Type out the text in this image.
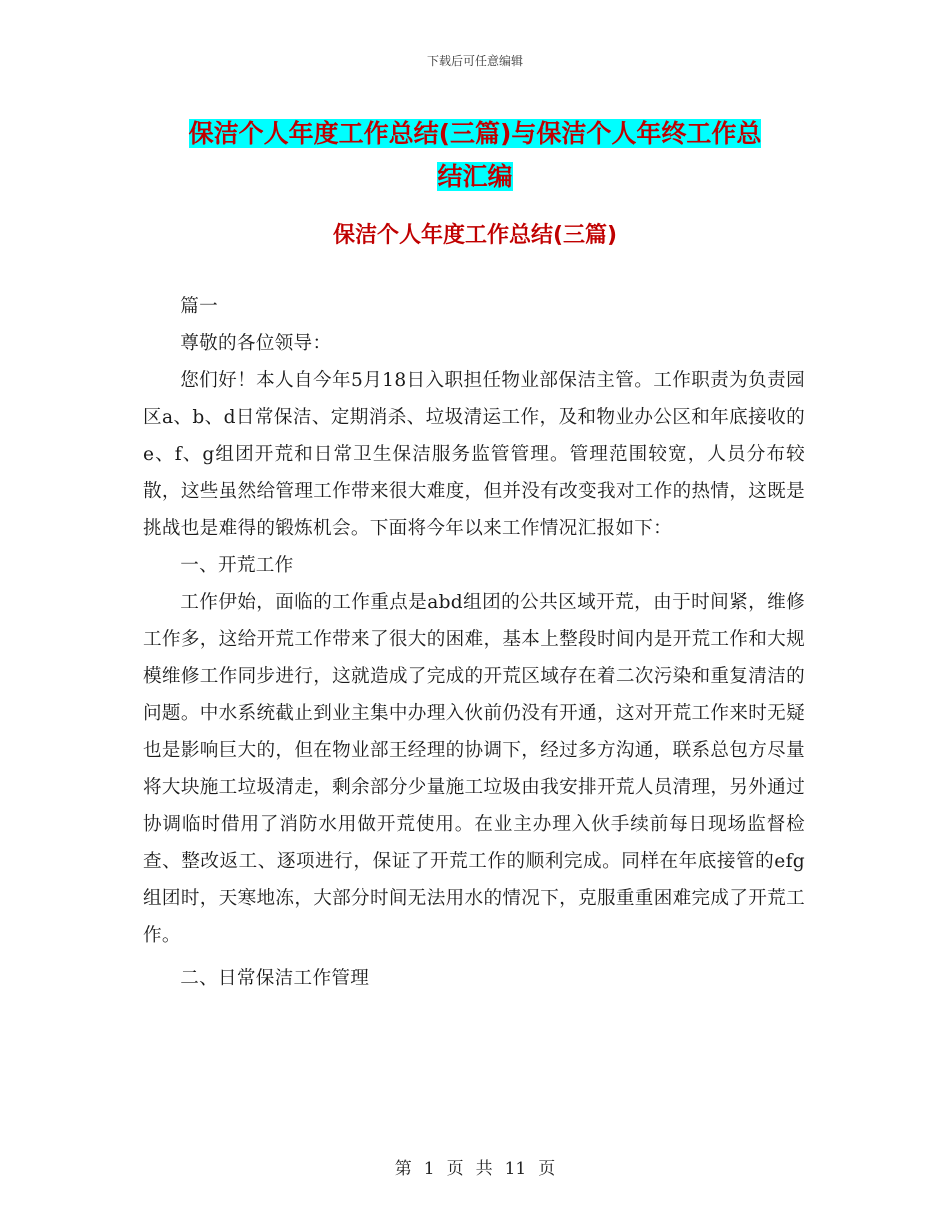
下载后可任意编辑
保洁个人年度工作总结(三篇)与保洁个人年终工作总
结汇编
保洁个人年度工作总结(三篇)

篇一

尊敬的各位领导：

您们好！本人自今年5月18日入职担任物业部保洁主管。工作职责为负责园区a、b、d日常保洁、定期消杀、垃圾清运工作，及和物业办公区和年底接收的e、f、g组团开荒和日常卫生保洁服务监管管理。管理范围较宽，人员分布较散，这些虽然给管理工作带来很大难度，但并没有改变我对工作的热情，这既是挑战也是难得的锻炼机会。下面将今年以来工作情况汇报如下：

一、开荒工作

工作伊始，面临的工作重点是abd组团的公共区域开荒，由于时间紧，维修工作多，这给开荒工作带来了很大的困难，基本上整段时间内是开荒工作和大规模维修工作同步进行，这就造成了完成的开荒区域存在着二次污染和重复清洁的问题。中水系统截止到业主集中办理入伙前仍没有开通，这对开荒工作来时无疑也是影响巨大的，但在物业部王经理的协调下，经过多方沟通，联系总包方尽量将大块施工垃圾清走，剩余部分少量施工垃圾由我安排开荒人员清理，另外通过协调临时借用了消防水用做开荒使用。在业主办理入伙手续前每日现场监督检查、整改返工、逐项进行，保证了开荒工作的顺利完成。同样在年底接管的efg组团时，天寒地冻，大部分时间无法用水的情况下，克服重重困难完成了开荒工作。

二、日常保洁工作管理

第 1 页 共 11 页
